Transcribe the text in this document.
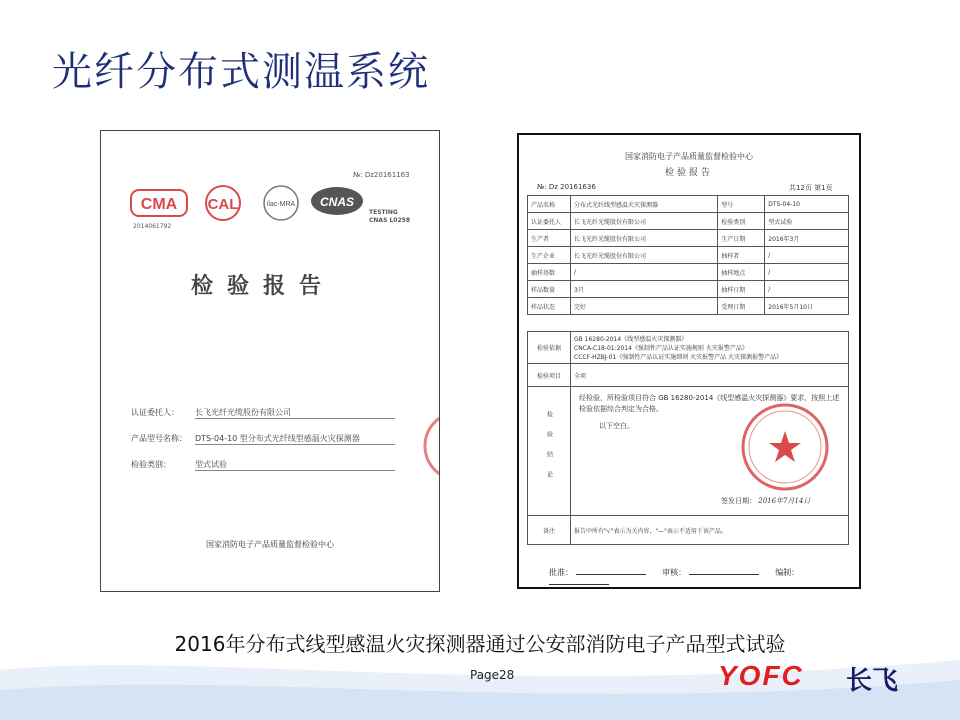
光纤分布式测温系统
№: Dz20161163
CMA
2014061792
CAL	ilac-MRA CNAS
TESTING
CNAS L0258
检验报告
认证委托人： 长飞光纤光缆股份有限公司
产品型号名称： DTS-04-10 型分布式光纤线型感温火灾探测器
检验类别：	型式试验
国家消防电子产品质量监督检验中心
国家消防电子产品质量监督检验中心
检验报告
№: Dz 20161636	共12页 第1页
产品名称	分布式光纤线型感温火灾探测器	型号	DTS-04-10
认证委托人	长飞光纤光缆股份有限公司	检验类别	型式试验
生产者	长飞光纤光缆股份有限公司	生产日期	2016年3月
生产企业	长飞光纤光缆股份有限公司	抽样者	/
抽样基数	/	抽样地点	/
样品数量	3只	抽样日期	/
样品状态	完好	受理日期	2016年5月10日
检验依据	GB 16280-2014《线型感温火灾探测器》
CNCA-C18-01:2014《强制性产品认证实施规则 火灾报警产品》
CCCF-HZBJ-01《强制性产品认证实施细则 火灾报警产品 火灾探测报警产品》

检验项目	全项
检验结论	经检验，所检验项目符合 GB 16280-2014《线型感温火灾探测器》要求，按照上述检验依据综合判定为合格。
以下空白。
签发日期： 2016年7月14日

备注	报告中所有"√"表示为关内容，"—"表示不适用于该产品。
批准：	审核：	编制：
2016年分布式线型感温火灾探测器通过公安部消防电子产品型式试验
Page28	YOFC 长飞
